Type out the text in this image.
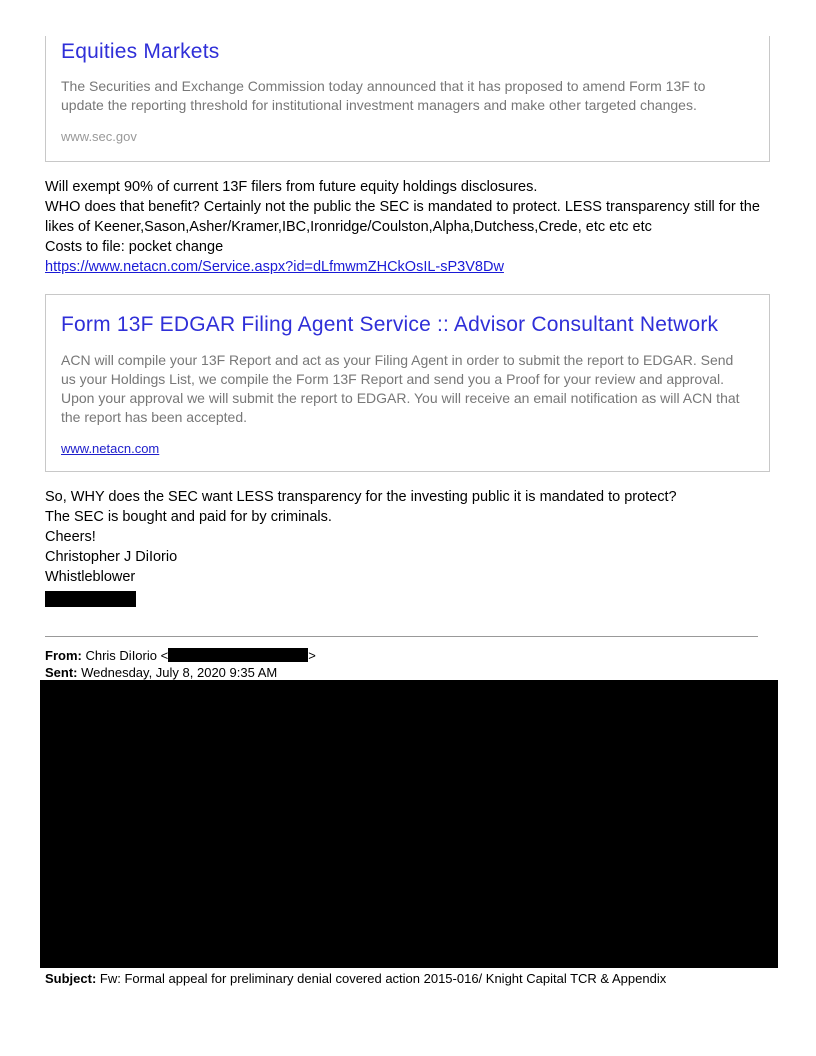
Equities Markets
The Securities and Exchange Commission today announced that it has proposed to amend Form 13F to update the reporting threshold for institutional investment managers and make other targeted changes.
www.sec.gov
Will exempt 90% of current 13F filers from future equity holdings disclosures.
WHO does that benefit? Certainly not the public the SEC is mandated to protect. LESS transparency still for the likes of Keener,Sason,Asher/Kramer,IBC,Ironridge/Coulston,Alpha,Dutchess,Crede, etc etc etc
Costs to file: pocket change
https://www.netacn.com/Service.aspx?id=dLfmwmZHCkOsIL-sP3V8Dw
Form 13F EDGAR Filing Agent Service :: Advisor Consultant Network
ACN will compile your 13F Report and act as your Filing Agent in order to submit the report to EDGAR. Send us your Holdings List, we compile the Form 13F Report and send you a Proof for your review and approval. Upon your approval we will submit the report to EDGAR. You will receive an email notification as will ACN that the report has been accepted.
www.netacn.com
So, WHY does the SEC want LESS transparency for the investing public it is mandated to protect?
The SEC is bought and paid for by criminals.
Cheers!
Christopher J DiIorio
Whistleblower
From: Chris DiIorio <	>
Sent: Wednesday, July 8, 2020 9:35 AM
Subject: Fw: Formal appeal for preliminary denial covered action 2015-016/ Knight Capital TCR & Appendix
